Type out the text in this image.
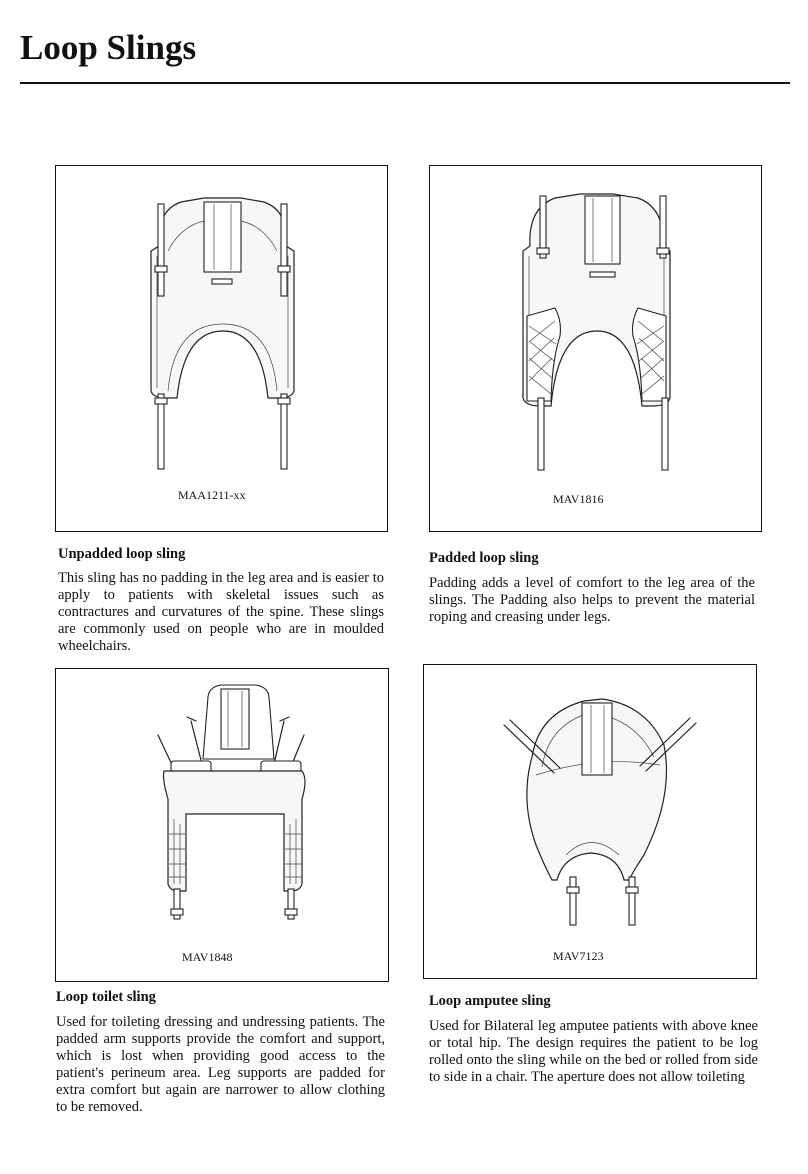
Loop Slings
MAA1211-xx
Unpadded loop sling

This sling has no padding in the leg area and is easier to apply to patients with skeletal issues such as contractures and curvatures of the spine. These slings are commonly used on people who are in moulded wheelchairs.

MAV1816
Padded loop sling

Padding adds a level of comfort to the leg area of the slings. The Padding also helps to prevent the material roping and creasing under legs.

MAV1848
Loop toilet sling

Used for toileting dressing and undressing patients. The padded arm supports provide the comfort and support, which is lost when providing good access to the patient's perineum area. Leg supports are padded for extra comfort but again are narrower to allow clothing to be removed.

MAV7123
Loop amputee sling

Used for Bilateral leg amputee patients with above knee or total hip. The design requires the patient to be log rolled onto the sling while on the bed or rolled from side to side in a chair. The aperture does not allow toileting
